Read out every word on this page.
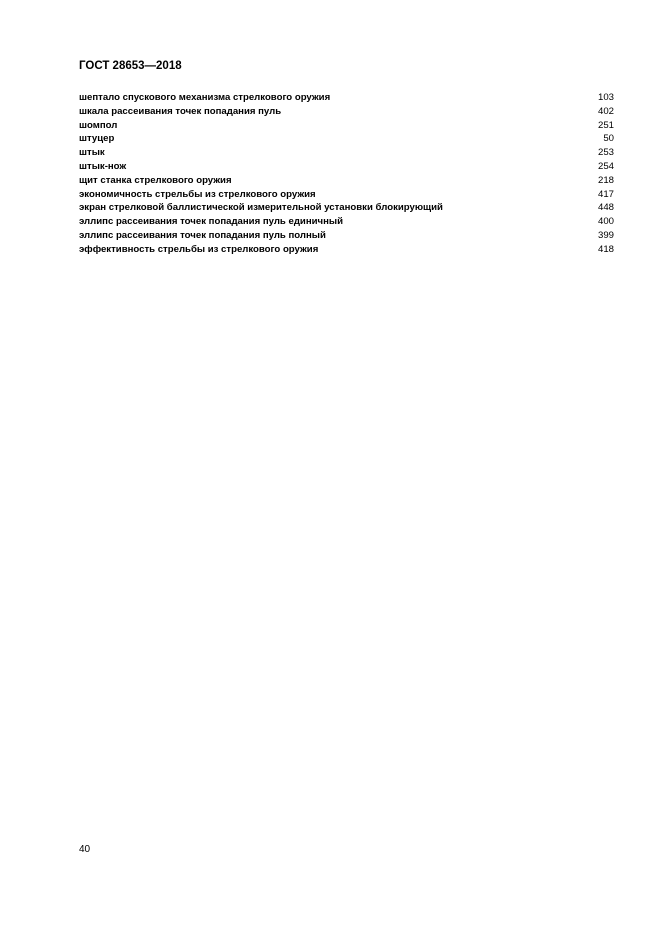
ГОСТ 28653—2018
шептало спускового механизма стрелкового оружия	103
шкала рассеивания точек попадания пуль	402
шомпол	251
штуцер	50
штык	253
штык-нож	254
щит станка стрелкового оружия	218
экономичность стрельбы из стрелкового оружия	417
экран стрелковой баллистической измерительной установки блокирующий	448
эллипс рассеивания точек попадания пуль единичный	400
эллипс рассеивания точек попадания пуль полный	399
эффективность стрельбы из стрелкового оружия	418
40
